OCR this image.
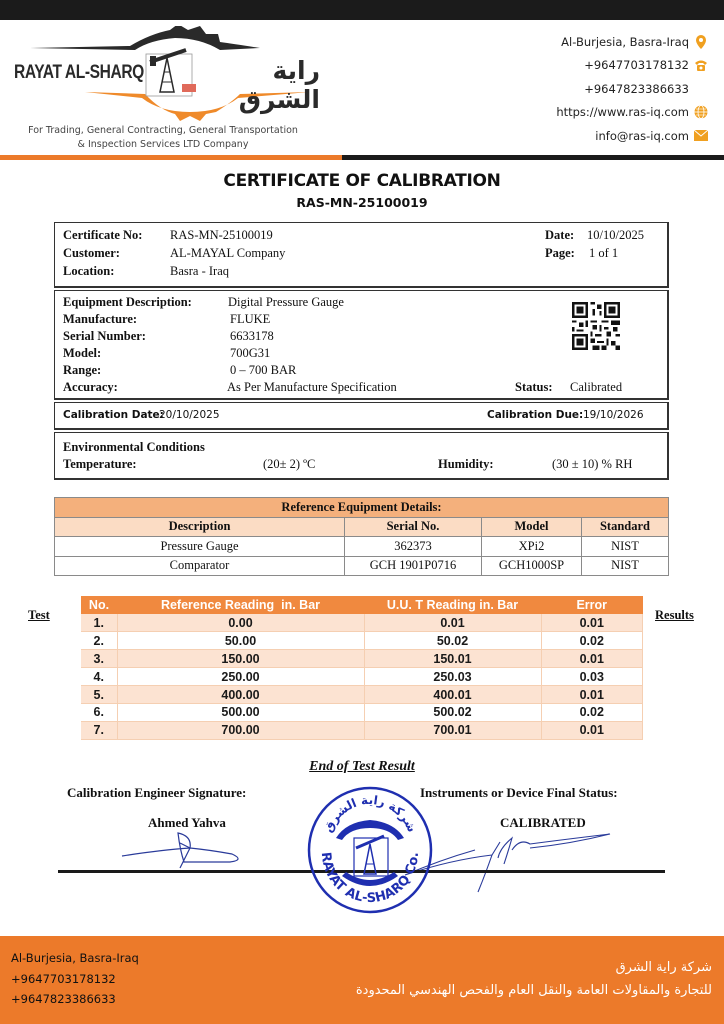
RAYAT AL-SHARQ	راية الشرق
For Trading, General Contracting, General Transportation
& Inspection Services LTD Company
Al-Burjesia, Basra-Iraq
+9647703178132
+9647823386633
https://www.ras-iq.com
info@ras-iq.com
CERTIFICATE OF CALIBRATION
RAS-MN-25100019
Certificate No: RAS-MN-25100019
Customer:	AL-MAYAL Company
Location:	Basra - Iraq
Date: 10/10/2025
Page: 1 of 1
Equipment Description:	Digital Pressure Gauge
Manufacture:	FLUKE
Serial Number:	6633178
Model:	700G31
Range:	0 – 700 BAR
Accuracy:	As Per Manufacture Specification	Status: Calibrated
Calibration Date:
20/10/2025	Calibration Due: 19/10/2026
Environmental Conditions
Temperature:	(20± 2) ºC	Humidity:	(30 ± 10) % RH
Reference Equipment Details:			
Description	Serial No.	Model	Standard
Pressure Gauge	362373	XPi2	NIST
Comparator	GCH 1901P0716	GCH1000SP	NIST
Test	Results
No.	Reference Reading  in. Bar	U.U. T Reading in. Bar	Error
1.	0.00	0.01	0.01
2.	50.00	50.02	0.02
3.	150.00	150.01	0.01
4.	250.00	250.03	0.03
5.	400.00	400.01	0.01
6.	500.00	500.02	0.02
7.	700.00	700.01	0.01
End of Test Result
Calibration Engineer Signature:	Instruments or Device Final Status:
Ahmed Yahva	CALIBRATED
RAYAT AL-SHARQ Co.
شركة راية الشرق
Al-Burjesia, Basra-Iraq
+9647703178132
+9647823386633
شركة راية الشرق
للتجارة والمقاولات العامة والنقل العام والفحص الهندسي المحدودة
